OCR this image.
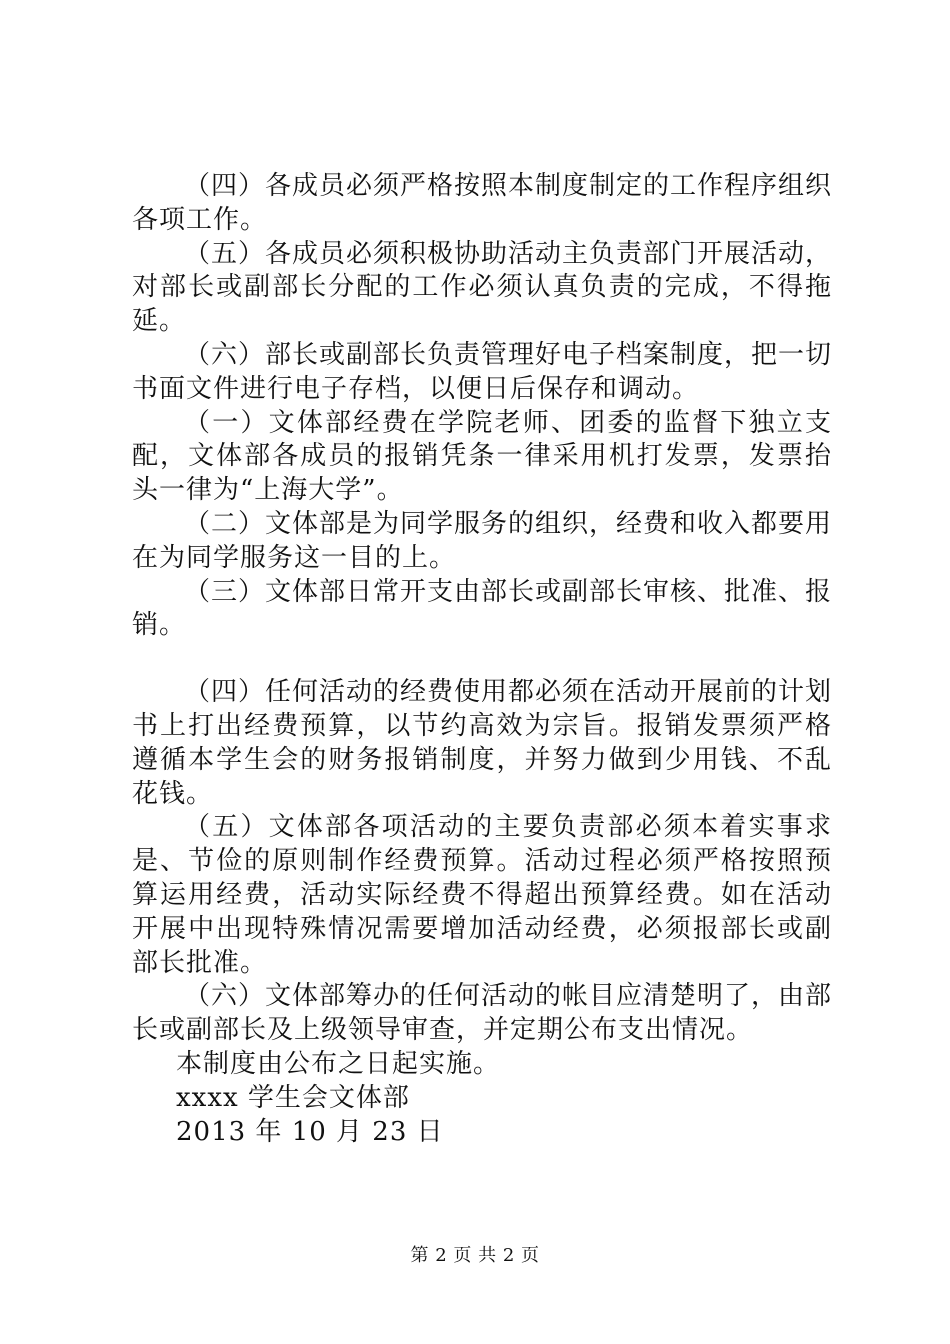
（四）各成员必须严格按照本制度制定的工作程序组织各项工作。

（五）各成员必须积极协助活动主负责部门开展活动，对部长或副部长分配的工作必须认真负责的完成，不得拖延。

（六）部长或副部长负责管理好电子档案制度，把一切书面文件进行电子存档，以便日后保存和调动。

（一）文体部经费在学院老师、团委的监督下独立支配，文体部各成员的报销凭条一律采用机打发票，发票抬头一律为“上海大学”。

（二）文体部是为同学服务的组织，经费和收入都要用在为同学服务这一目的上。

（三）文体部日常开支由部长或副部长审核、批准、报销。

（四）任何活动的经费使用都必须在活动开展前的计划书上打出经费预算，以节约高效为宗旨。报销发票须严格遵循本学生会的财务报销制度，并努力做到少用钱、不乱花钱。

（五）文体部各项活动的主要负责部必须本着实事求是、节俭的原则制作经费预算。活动过程必须严格按照预算运用经费，活动实际经费不得超出预算经费。如在活动开展中出现特殊情况需要增加活动经费，必须报部长或副部长批准。

（六）文体部筹办的任何活动的帐目应清楚明了，由部长或副部长及上级领导审查，并定期公布支出情况。

本制度由公布之日起实施。

xxxx 学生会文体部

2013 年 10 月 23 日

第 2 页 共 2 页
